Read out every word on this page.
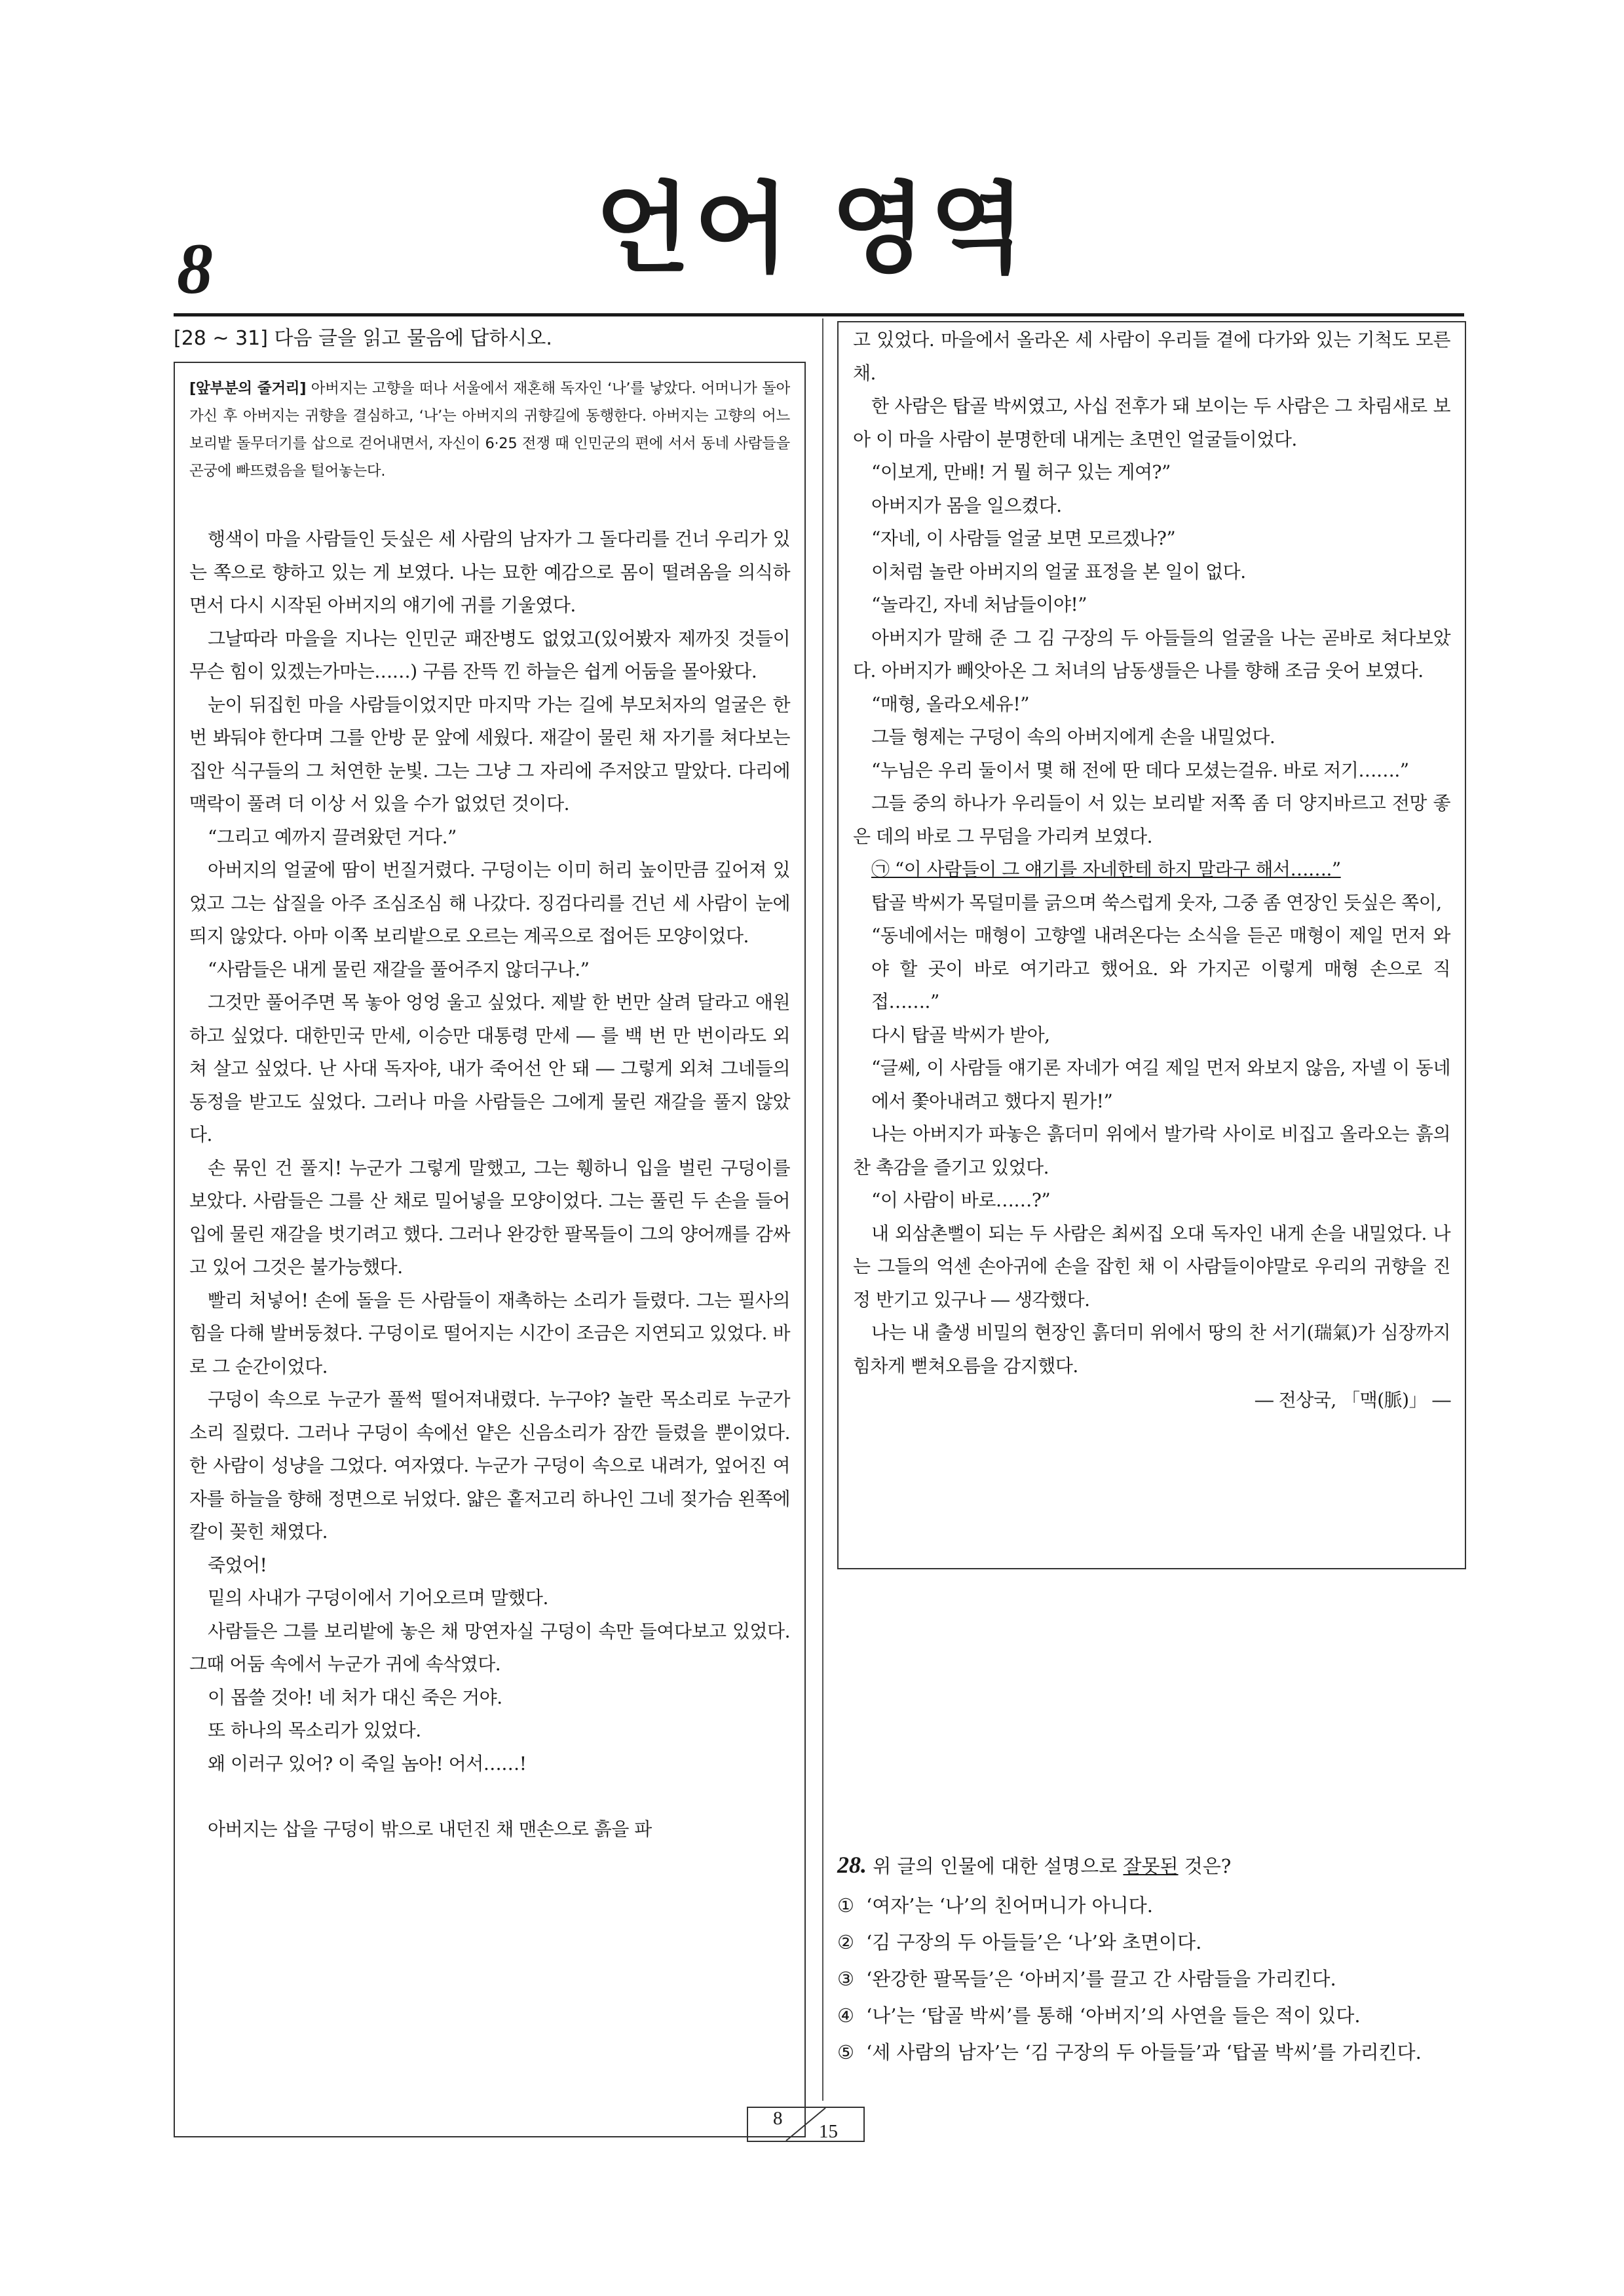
8	언어 영역
[28 ~ 31] 다음 글을 읽고 물음에 답하시오.
[앞부분의 줄거리] 아버지는 고향을 떠나 서울에서 재혼해 독자인 ‘나’를 낳았다. 어머니가 돌아가신 후 아버지는 귀향을 결심하고, ‘나’는 아버지의 귀향길에 동행한다. 아버지는 고향의 어느 보리밭 돌무더기를 삽으로 걷어내면서, 자신이 6·25 전쟁 때 인민군의 편에 서서 동네 사람들을 곤궁에 빠뜨렸음을 털어놓는다.

행색이 마을 사람들인 듯싶은 세 사람의 남자가 그 돌다리를 건너 우리가 있는 쪽으로 향하고 있는 게 보였다. 나는 묘한 예감으로 몸이 떨려옴을 의식하면서 다시 시작된 아버지의 얘기에 귀를 기울였다.

그날따라 마을을 지나는 인민군 패잔병도 없었고(있어봤자 제까짓 것들이 무슨 힘이 있겠는가마는……) 구름 잔뜩 낀 하늘은 쉽게 어둠을 몰아왔다.

눈이 뒤집힌 마을 사람들이었지만 마지막 가는 길에 부모처자의 얼굴은 한번 봐둬야 한다며 그를 안방 문 앞에 세웠다. 재갈이 물린 채 자기를 쳐다보는 집안 식구들의 그 처연한 눈빛. 그는 그냥 그 자리에 주저앉고 말았다. 다리에 맥락이 풀려 더 이상 서 있을 수가 없었던 것이다.

“그리고 예까지 끌려왔던 거다.”

아버지의 얼굴에 땀이 번질거렸다. 구덩이는 이미 허리 높이만큼 깊어져 있었고 그는 삽질을 아주 조심조심 해 나갔다. 징검다리를 건넌 세 사람이 눈에 띄지 않았다. 아마 이쪽 보리밭으로 오르는 계곡으로 접어든 모양이었다.

“사람들은 내게 물린 재갈을 풀어주지 않더구나.”

그것만 풀어주면 목 놓아 엉엉 울고 싶었다. 제발 한 번만 살려 달라고 애원하고 싶었다. 대한민국 만세, 이승만 대통령 만세 ― 를 백 번 만 번이라도 외쳐 살고 싶었다. 난 사대 독자야, 내가 죽어선 안 돼 ― 그렇게 외쳐 그네들의 동정을 받고도 싶었다. 그러나 마을 사람들은 그에게 물린 재갈을 풀지 않았다.

손 묶인 건 풀지! 누군가 그렇게 말했고, 그는 휑하니 입을 벌린 구덩이를 보았다. 사람들은 그를 산 채로 밀어넣을 모양이었다. 그는 풀린 두 손을 들어 입에 물린 재갈을 벗기려고 했다. 그러나 완강한 팔목들이 그의 양어깨를 감싸고 있어 그것은 불가능했다.

빨리 처넣어! 손에 돌을 든 사람들이 재촉하는 소리가 들렸다. 그는 필사의 힘을 다해 발버둥쳤다. 구덩이로 떨어지는 시간이 조금은 지연되고 있었다. 바로 그 순간이었다.

구덩이 속으로 누군가 풀썩 떨어져내렸다. 누구야? 놀란 목소리로 누군가 소리 질렀다. 그러나 구덩이 속에선 얕은 신음소리가 잠깐 들렸을 뿐이었다. 한 사람이 성냥을 그었다. 여자였다. 누군가 구덩이 속으로 내려가, 엎어진 여자를 하늘을 향해 정면으로 뉘었다. 얇은 홑저고리 하나인 그네 젖가슴 왼쪽에 칼이 꽂힌 채였다.

죽었어!

밑의 사내가 구덩이에서 기어오르며 말했다.

사람들은 그를 보리밭에 놓은 채 망연자실 구덩이 속만 들여다보고 있었다. 그때 어둠 속에서 누군가 귀에 속삭였다.

이 몹쓸 것아! 네 처가 대신 죽은 거야.

또 하나의 목소리가 있었다.

왜 이러구 있어? 이 죽일 놈아! 어서……!

아버지는 삽을 구덩이 밖으로 내던진 채 맨손으로 흙을 파

고 있었다. 마을에서 올라온 세 사람이 우리들 곁에 다가와 있는 기척도 모른 채.

한 사람은 탑골 박씨였고, 사십 전후가 돼 보이는 두 사람은 그 차림새로 보아 이 마을 사람이 분명한데 내게는 초면인 얼굴들이었다.

“이보게, 만배! 거 뭘 허구 있는 게여?”

아버지가 몸을 일으켰다.

“자네, 이 사람들 얼굴 보면 모르겠나?”

이처럼 놀란 아버지의 얼굴 표정을 본 일이 없다.

“놀라긴, 자네 처남들이야!”

아버지가 말해 준 그 김 구장의 두 아들들의 얼굴을 나는 곧바로 쳐다보았다. 아버지가 빼앗아온 그 처녀의 남동생들은 나를 향해 조금 웃어 보였다.

“매형, 올라오세유!”

그들 형제는 구덩이 속의 아버지에게 손을 내밀었다.

“누님은 우리 둘이서 몇 해 전에 딴 데다 모셨는걸유. 바로 저기…….”

그들 중의 하나가 우리들이 서 있는 보리밭 저쪽 좀 더 양지바르고 전망 좋은 데의 바로 그 무덤을 가리켜 보였다.

㉠ “이 사람들이 그 얘기를 자네한테 하지 말라구 해서…….”

탑골 박씨가 목덜미를 긁으며 쑥스럽게 웃자, 그중 좀 연장인 듯싶은 쪽이,

“동네에서는 매형이 고향엘 내려온다는 소식을 듣곤 매형이 제일 먼저 와야 할 곳이 바로 여기라고 했어요. 와 가지곤 이렇게 매형 손으로 직접…….”

다시 탑골 박씨가 받아,

“글쎄, 이 사람들 얘기론 자네가 여길 제일 먼저 와보지 않음, 자넬 이 동네에서 쫓아내려고 했다지 뭔가!”

나는 아버지가 파놓은 흙더미 위에서 발가락 사이로 비집고 올라오는 흙의 찬 촉감을 즐기고 있었다.

“이 사람이 바로……?”

내 외삼촌뻘이 되는 두 사람은 최씨집 오대 독자인 내게 손을 내밀었다. 나는 그들의 억센 손아귀에 손을 잡힌 채 이 사람들이야말로 우리의 귀향을 진정 반기고 있구나 ― 생각했다.

나는 내 출생 비밀의 현장인 흙더미 위에서 땅의 찬 서기(瑞氣)가 심장까지 힘차게 뻗쳐오름을 감지했다.

― 전상국, 「맥(脈)」 ―

28. 위 글의 인물에 대한 설명으로 잘못된 것은?

① ‘여자’는 ‘나’의 친어머니가 아니다.

② ‘김 구장의 두 아들들’은 ‘나’와 초면이다.

③ ‘완강한 팔목들’은 ‘아버지’를 끌고 간 사람들을 가리킨다.

④ ‘나’는 ‘탑골 박씨’를 통해 ‘아버지’의 사연을 들은 적이 있다.

⑤ ‘세 사람의 남자’는 ‘김 구장의 두 아들들’과 ‘탑골 박씨’를 가리킨다.

8
15
